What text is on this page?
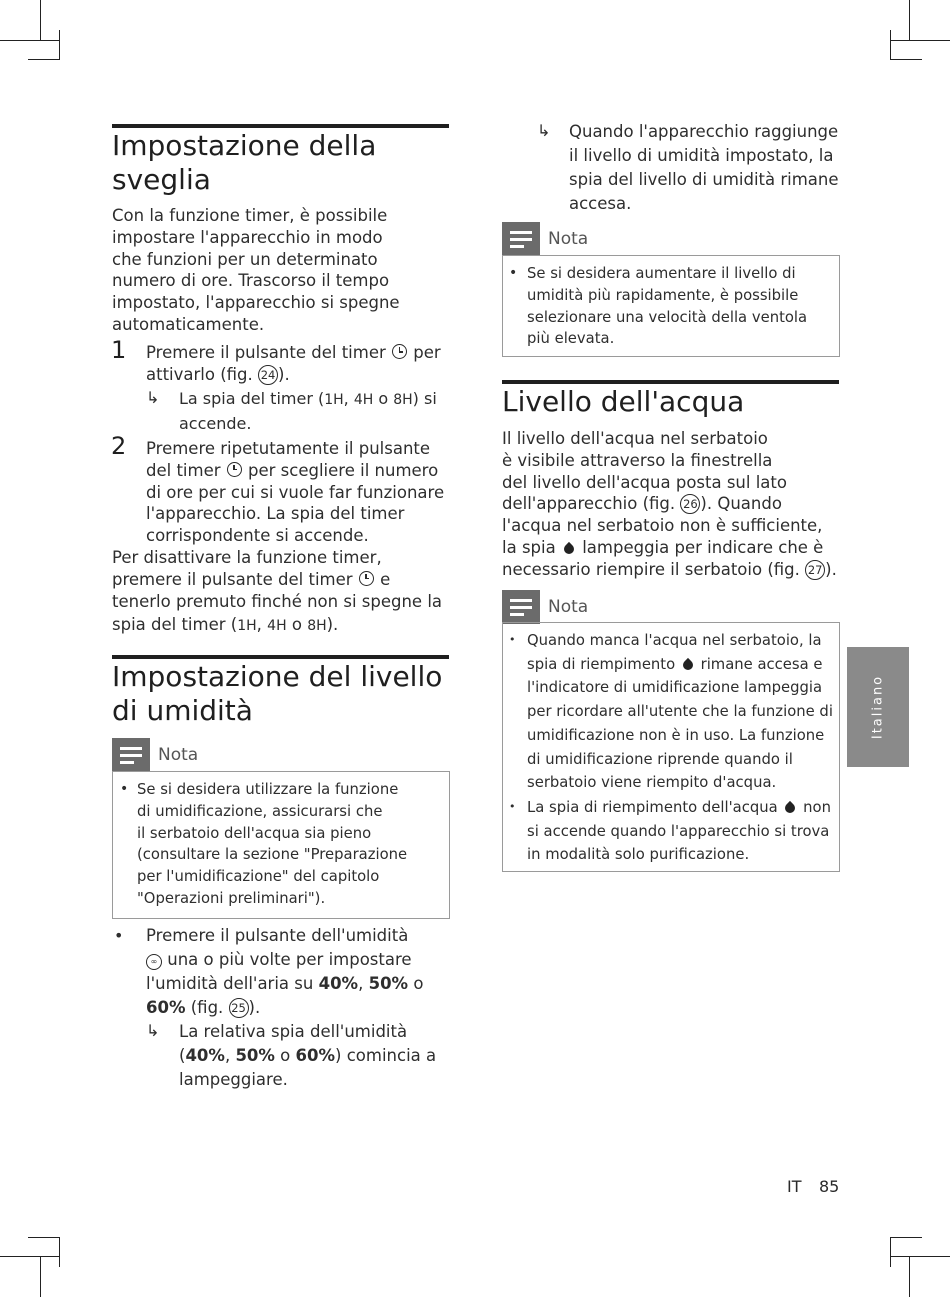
Impostazione della
sveglia

Con la funzione timer, è possibile
impostare l'apparecchio in modo
che funzioni per un determinato
numero di ore. Trascorso il tempo
impostato, l'apparecchio si spegne
automaticamente.

1 Premere il pulsante del timer per
attivarlo (fig. 24 ).

↳ La spia del timer (1H, 4H o 8H) si
accende.

2 Premere ripetutamente il pulsante
del timer per scegliere il numero
di ore per cui si vuole far funzionare
l'apparecchio. La spia del timer
corrispondente si accende.

Per disattivare la funzione timer,
premere il pulsante del timer e
tenerlo premuto finché non si spegne la
spia del timer (1H, 4H o 8H).

Impostazione del livello
di umidità
Nota
• Se si desidera utilizzare la funzione
di umidificazione, assicurarsi che
il serbatoio dell'acqua sia pieno
(consultare la sezione "Preparazione
per l'umidificazione" del capitolo
"Operazioni preliminari").

• Premere il pulsante dell'umidità
∞ una o più volte per impostare
l'umidità dell'aria su 40%, 50% o
60% (fig. 25 ).

↳ La relativa spia dell'umidità
(40%, 50% o 60%) comincia a
lampeggiare.

↳ Quando l'apparecchio raggiunge
il livello di umidità impostato, la
spia del livello di umidità rimane
accesa.

Nota
• Se si desidera aumentare il livello di
umidità più rapidamente, è possibile
selezionare una velocità della ventola
più elevata.

Livello dell'acqua

Il livello dell'acqua nel serbatoio
è visibile attraverso la finestrella
del livello dell'acqua posta sul lato
dell'apparecchio (fig. 26 ). Quando
l'acqua nel serbatoio non è sufficiente,
la spia lampeggia per indicare che è
necessario riempire il serbatoio (fig. 27 ).

Nota
• Quando manca l'acqua nel serbatoio, la
spia di riempimento rimane accesa e
l'indicatore di umidificazione lampeggia
per ricordare all'utente che la funzione di
umidificazione non è in uso. La funzione
di umidificazione riprende quando il
serbatoio viene riempito d'acqua.

• La spia di riempimento dell'acqua non
si accende quando l'apparecchio si trova
in modalità solo purificazione.

Italiano
IT 85
